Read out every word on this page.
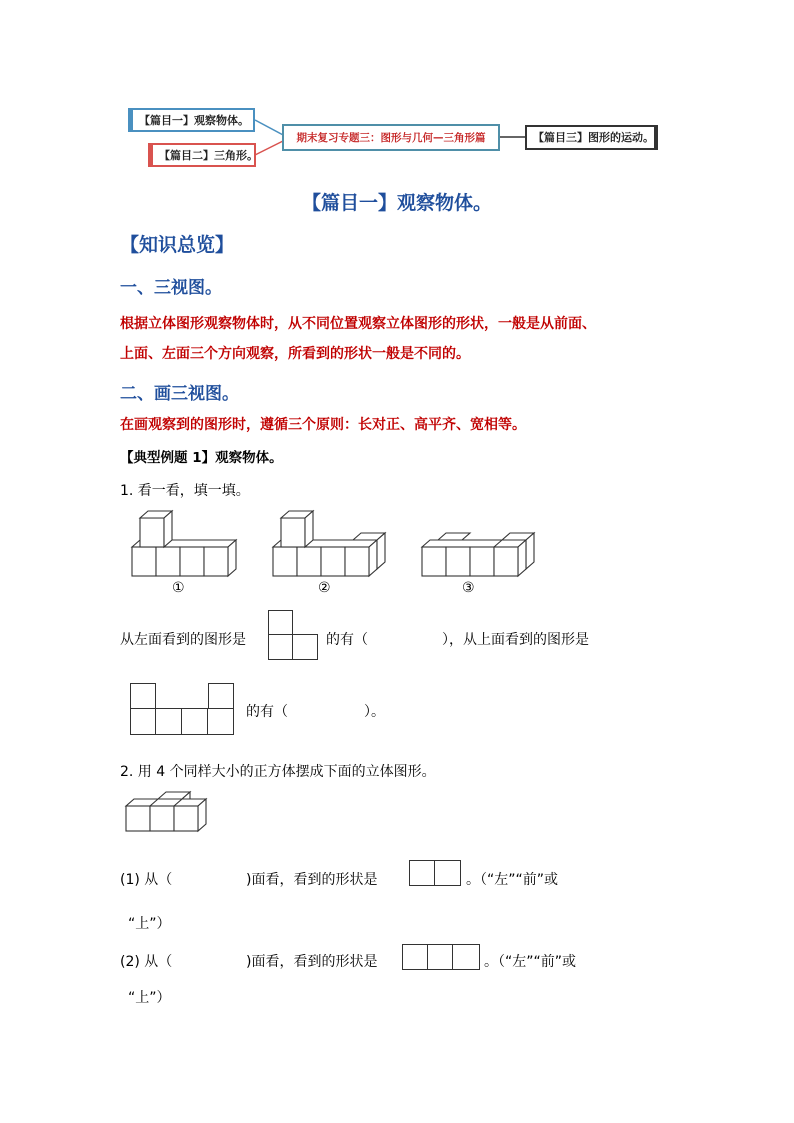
【篇目一】观察物体。
【篇目二】三角形。
期末复习专题三：图形与几何—三角形篇	【篇目三】图形的运动。
【篇目一】观察物体。
【知识总览】
一、三视图。
根据立体图形观察物体时，从不同位置观察立体图形的形状，一般是从前面、
上面、左面三个方向观察，所看到的形状一般是不同的。
二、画三视图。
在画观察到的图形时，遵循三个原则：长对正、高平齐、宽相等。
【典型例题 1】观察物体。
1. 看一看，填一填。
①	②	③
从左面看到的图形是	的有（	），从上面看到的图形是
的有（	）。
2. 用 4 个同样大小的正方体摆成下面的立体图形。
(1) 从（	)面看，看到的形状是	。（“左”“前”或
“上”）
(2) 从（	)面看，看到的形状是	。（“左”“前”或
“上”）
